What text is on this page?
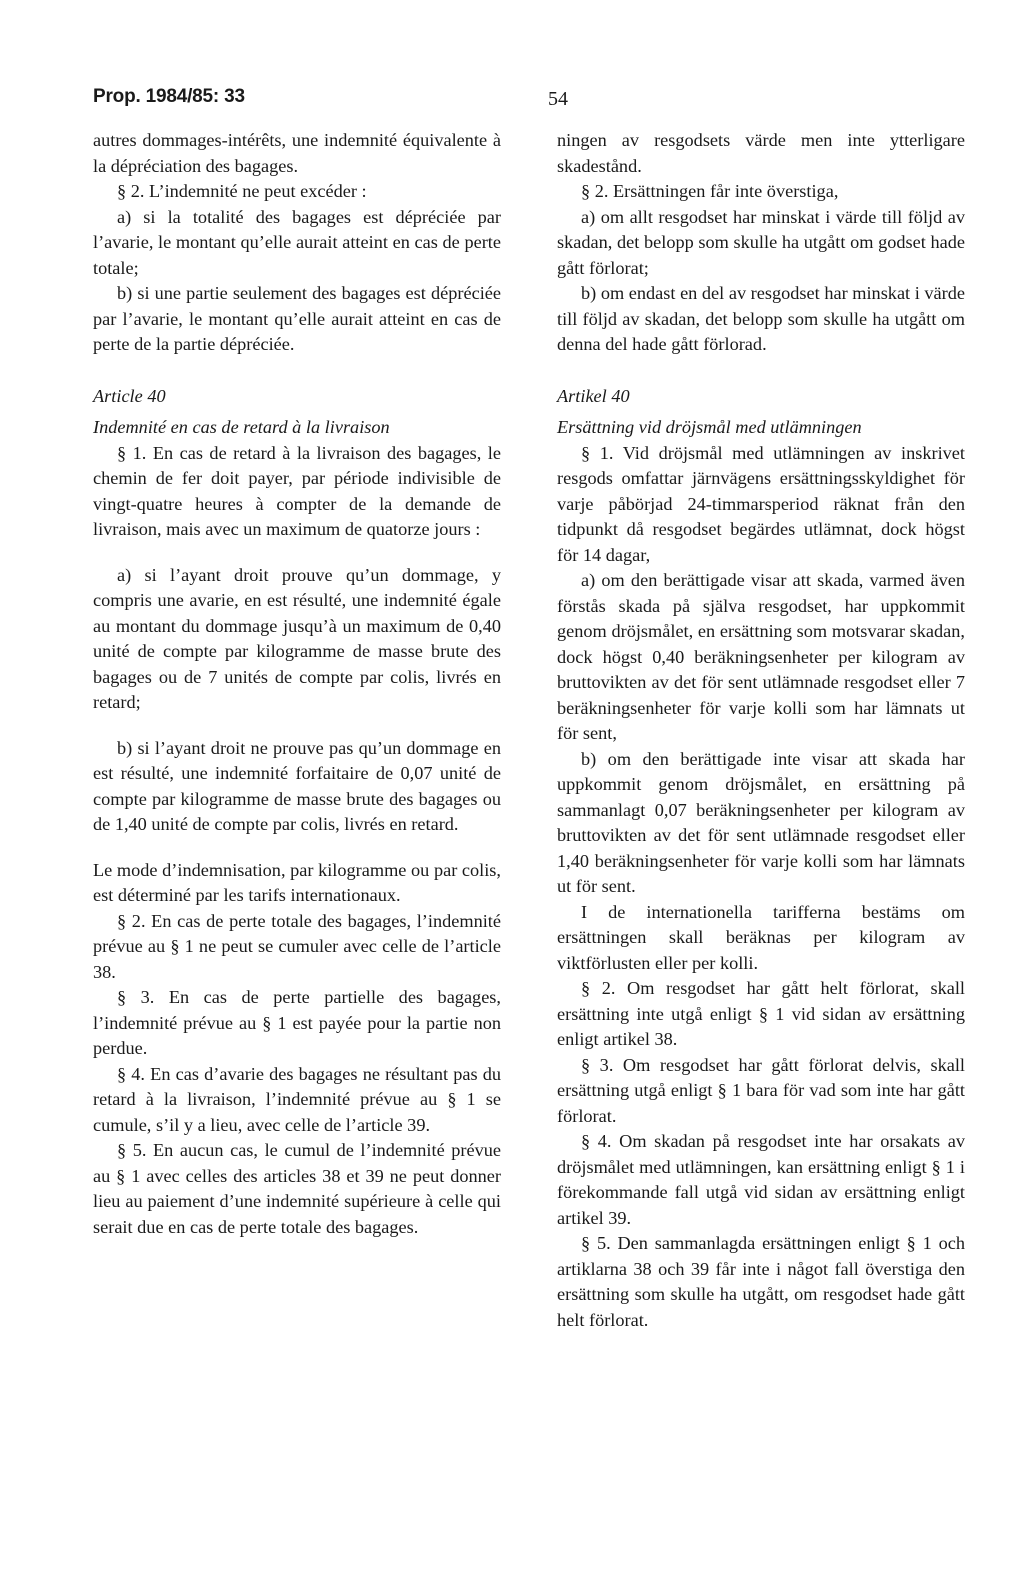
Prop. 1984/85: 33	54

autres dommages-intérêts, une indemnité équivalente à la dépréciation des bagages.

§ 2. L’indemnité ne peut excéder :

a) si la totalité des bagages est dépréciée par l’avarie, le montant qu’elle aurait atteint en cas de perte totale;

b) si une partie seulement des bagages est dépréciée par l’avarie, le montant qu’elle aurait atteint en cas de perte de la partie dépréciée.

Article 40

Indemnité en cas de retard à la livraison

§ 1. En cas de retard à la livraison des bagages, le chemin de fer doit payer, par période indivisible de vingt-quatre heures à compter de la demande de livraison, mais avec un maximum de quatorze jours :

a) si l’ayant droit prouve qu’un dommage, y compris une avarie, en est résulté, une indemnité égale au montant du dommage jusqu’à un maximum de 0,40 unité de compte par kilogramme de masse brute des bagages ou de 7 unités de compte par colis, livrés en retard;

b) si l’ayant droit ne prouve pas qu’un dommage en est résulté, une indemnité forfaitaire de 0,07 unité de compte par kilogramme de masse brute des bagages ou de 1,40 unité de compte par colis, livrés en retard.

Le mode d’indemnisation, par kilogramme ou par colis, est déterminé par les tarifs internationaux.

§ 2. En cas de perte totale des bagages, l’indemnité prévue au § 1 ne peut se cumuler avec celle de l’article 38.

§ 3. En cas de perte partielle des bagages, l’indemnité prévue au § 1 est payée pour la partie non perdue.

§ 4. En cas d’avarie des bagages ne résultant pas du retard à la livraison, l’indemnité prévue au § 1 se cumule, s’il y a lieu, avec celle de l’article 39.

§ 5. En aucun cas, le cumul de l’indemnité prévue au § 1 avec celles des articles 38 et 39 ne peut donner lieu au paiement d’une indemnité supérieure à celle qui serait due en cas de perte totale des bagages.

ningen av resgodsets värde men inte ytterligare skadestånd.

§ 2. Ersättningen får inte överstiga,

a) om allt resgodset har minskat i värde till följd av skadan, det belopp som skulle ha utgått om godset hade gått förlorat;

b) om endast en del av resgodset har minskat i värde till följd av skadan, det belopp som skulle ha utgått om denna del hade gått förlorad.

Artikel 40

Ersättning vid dröjsmål med utlämningen

§ 1. Vid dröjsmål med utlämningen av inskrivet resgods omfattar järnvägens ersättningsskyldighet för varje påbörjad 24-timmarsperiod räknat från den tidpunkt då resgodset begärdes utlämnat, dock högst för 14 dagar,

a) om den berättigade visar att skada, varmed även förstås skada på själva resgodset, har uppkommit genom dröjsmålet, en ersättning som motsvarar skadan, dock högst 0,40 beräkningsenheter per kilogram av bruttovikten av det för sent utlämnade resgodset eller 7 beräkningsenheter för varje kolli som har lämnats ut för sent,

b) om den berättigade inte visar att skada har uppkommit genom dröjsmålet, en ersättning på sammanlagt 0,07 beräkningsenheter per kilogram av bruttovikten av det för sent utlämnade resgodset eller 1,40 beräkningsenheter för varje kolli som har lämnats ut för sent.

I de internationella tarifferna bestäms om ersättningen skall beräknas per kilogram av viktförlusten eller per kolli.

§ 2. Om resgodset har gått helt förlorat, skall ersättning inte utgå enligt § 1 vid sidan av ersättning enligt artikel 38.

§ 3. Om resgodset har gått förlorat delvis, skall ersättning utgå enligt § 1 bara för vad som inte har gått förlorat.

§ 4. Om skadan på resgodset inte har orsakats av dröjsmålet med utlämningen, kan ersättning enligt § 1 i förekommande fall utgå vid sidan av ersättning enligt artikel 39.

§ 5. Den sammanlagda ersättningen enligt § 1 och artiklarna 38 och 39 får inte i något fall överstiga den ersättning som skulle ha utgått, om resgodset hade gått helt förlorat.
